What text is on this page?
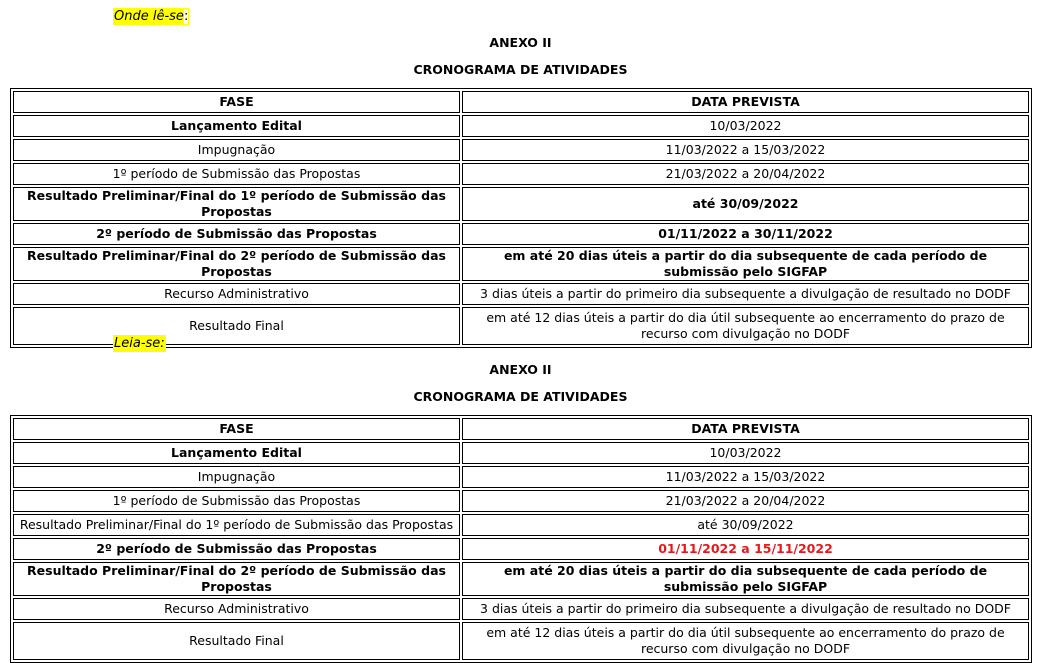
Onde lê-se:
ANEXO II
CRONOGRAMA DE ATIVIDADES
FASE	DATA PREVISTA
Lançamento Edital	10/03/2022
Impugnação	11/03/2022 a 15/03/2022
1º período de Submissão das Propostas	21/03/2022 a 20/04/2022
Resultado Preliminar/Final do 1º período de Submissão das Propostas	até 30/09/2022
2º período de Submissão das Propostas	01/11/2022 a 30/11/2022
Resultado Preliminar/Final do 2º período de Submissão das Propostas	em até 20 dias úteis a partir do dia subsequente de cada período de submissão pelo SIGFAP
Recurso Administrativo	3 dias úteis a partir do primeiro dia subsequente a divulgação de resultado no DODF
Resultado Final	em até 12 dias úteis a partir do dia útil subsequente ao encerramento do prazo de recurso com divulgação no DODF
Leia-se:
ANEXO II
CRONOGRAMA DE ATIVIDADES
FASE	DATA PREVISTA
Lançamento Edital	10/03/2022
Impugnação	11/03/2022 a 15/03/2022
1º período de Submissão das Propostas	21/03/2022 a 20/04/2022
Resultado Preliminar/Final do 1º período de Submissão das Propostas	até 30/09/2022
2º período de Submissão das Propostas	01/11/2022 a 15/11/2022
Resultado Preliminar/Final do 2º período de Submissão das Propostas	em até 20 dias úteis a partir do dia subsequente de cada período de submissão pelo SIGFAP
Recurso Administrativo	3 dias úteis a partir do primeiro dia subsequente a divulgação de resultado no DODF
Resultado Final	em até 12 dias úteis a partir do dia útil subsequente ao encerramento do prazo de recurso com divulgação no DODF
